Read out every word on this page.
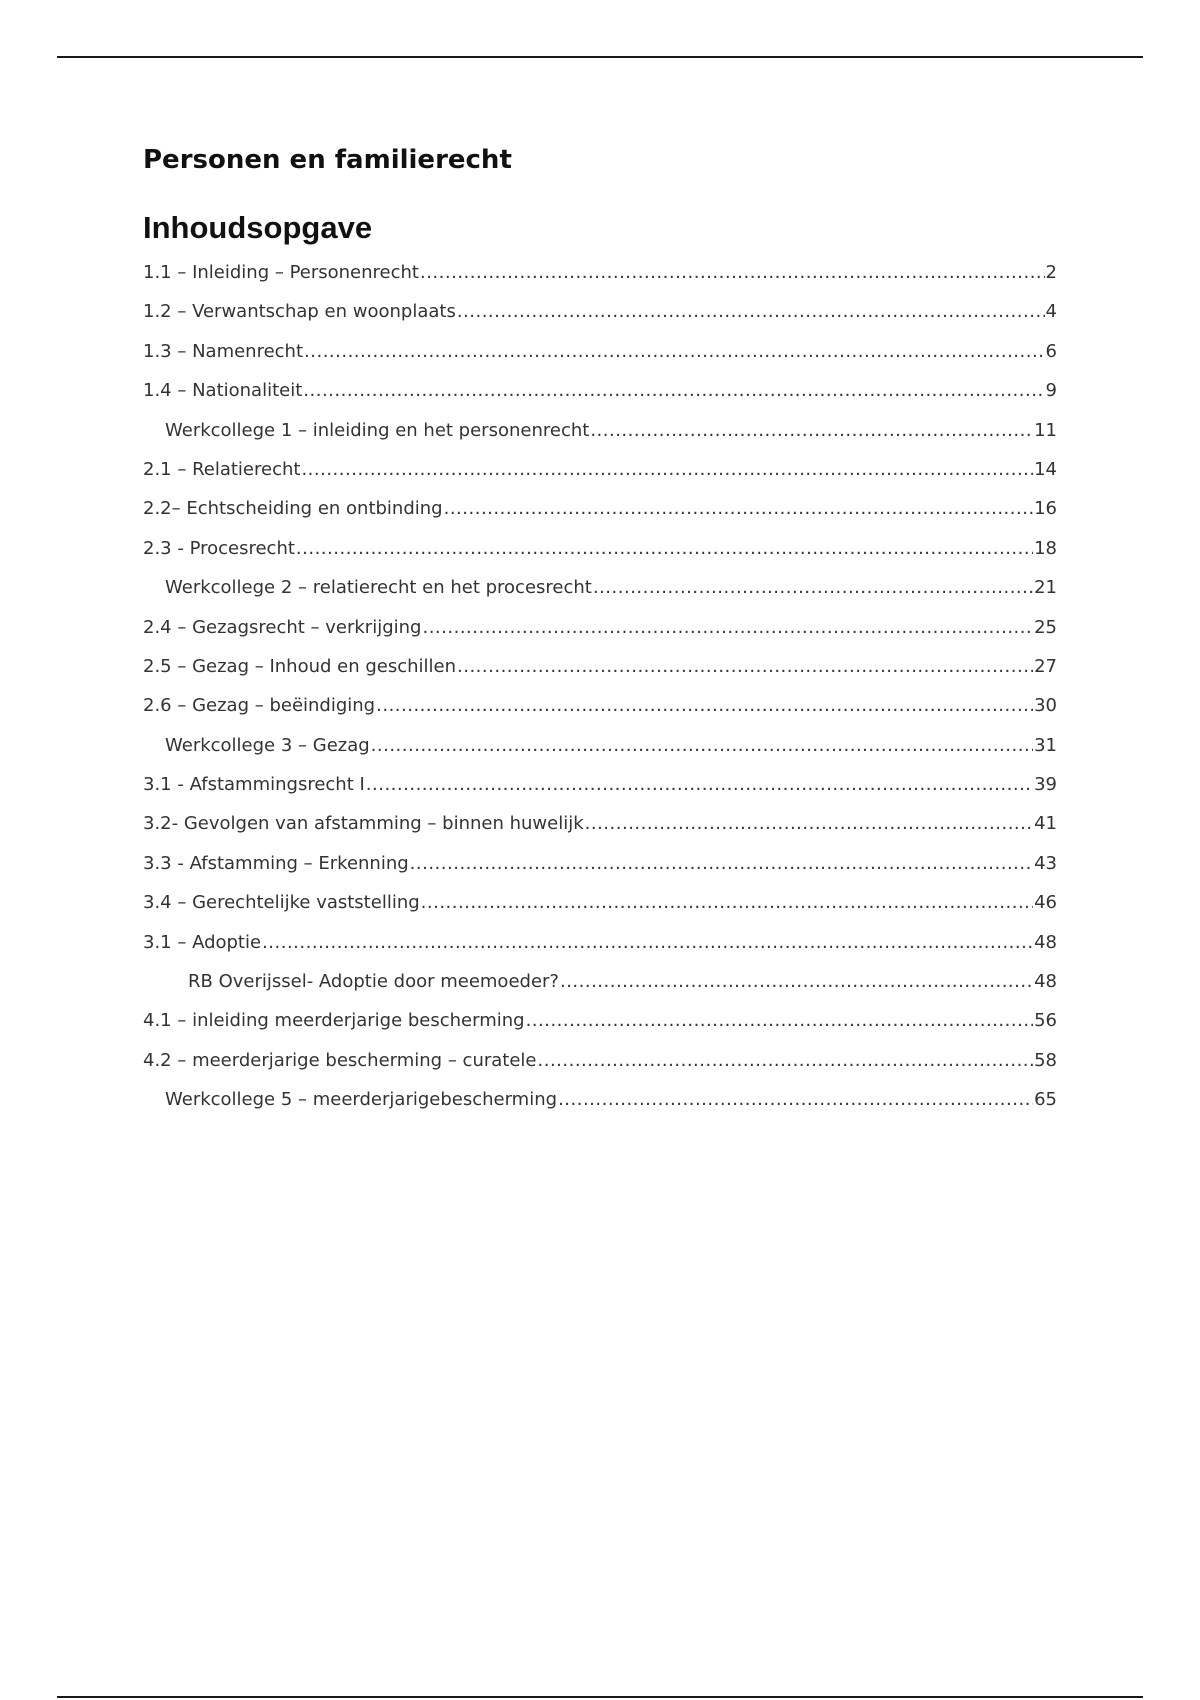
Personen en familierecht
Inhoudsopgave
1.1 – Inleiding – Personenrecht .....	2
1.2 – Verwantschap en woonplaats .....	4
1.3 – Namenrecht .....	6
1.4 – Nationaliteit .....	9
Werkcollege 1 – inleiding en het personenrecht .....	11
2.1 – Relatierecht .....	14
2.2– Echtscheiding en ontbinding .....	16
2.3 - Procesrecht .....	18
Werkcollege 2 – relatierecht en het procesrecht .....	21
2.4 – Gezagsrecht – verkrijging .....	25
2.5 – Gezag – Inhoud en geschillen .....	27
2.6 – Gezag – beëindiging .....	30
Werkcollege 3 – Gezag .....	31
3.1 - Afstammingsrecht I .....	39
3.2- Gevolgen van afstamming – binnen huwelijk .....	41
3.3 - Afstamming – Erkenning .....	43
3.4 – Gerechtelijke vaststelling .....	46
3.1 – Adoptie .....	48
RB Overijssel- Adoptie door meemoeder? .....	48
4.1 – inleiding meerderjarige bescherming .....	56
4.2 – meerderjarige bescherming – curatele .....	58
Werkcollege 5 – meerderjarigebescherming .....	65
